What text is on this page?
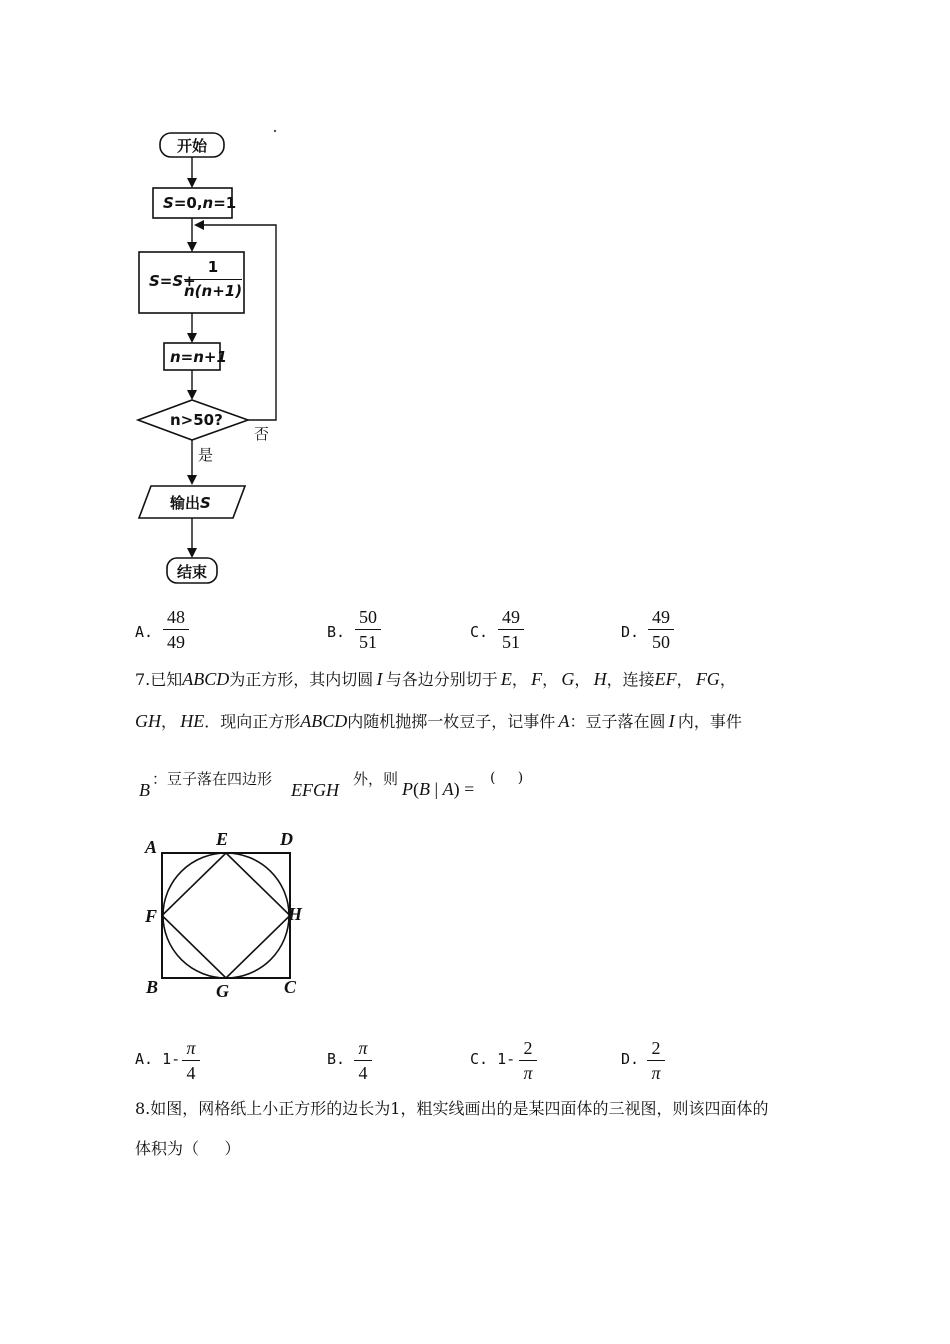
开始
S=0,n=1
S=S+
1
n(n+1)
n=n+1
n>50?
是
否
输出S
结束
A.
48
49	B.
50
51	C.
49
51	D.
49
50
7.已知ABCD为正方形，其内切圆  I  与各边分别切于  E，  F，  G，  H，连接EF，  FG，
GH，  HE．现向正方形ABCD内随机抛掷一枚豆子，记事件  A：豆子落在圆  I  内，事件
B
：豆子落在四边形
EFGH
外，则 P(B | A) =
(     )
A	E	D
F	H
B	G	C
A. 1-
π
4
B.
π
4
C. 1-
2
π
D.
2
π
8.如图，网格纸上小正方形的边长为1，粗实线画出的是某四面体的三视图，则该四面体的
体积为（     ）
